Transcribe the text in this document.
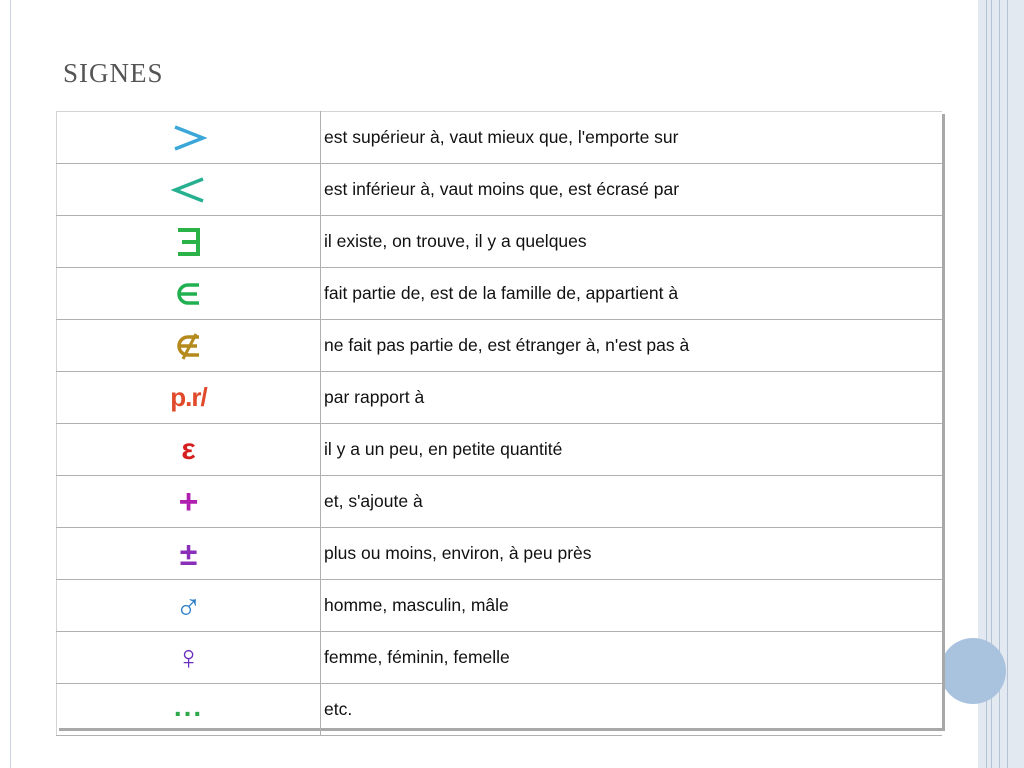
SIGNES
	est supérieur à, vaut mieux que, l'emporte sur
	est inférieur à, vaut moins que, est écrasé par
	il existe, on trouve, il y a quelques
	fait partie de, est de la famille de, appartient à
	ne fait pas partie de, est étranger à, n'est pas à
p.r/	par rapport à
ε	il y a un peu, en petite quantité
+	et, s'ajoute à
±	plus ou moins, environ, à peu près
♂	homme, masculin, mâle
♀	femme, féminin, femelle
...	etc.
